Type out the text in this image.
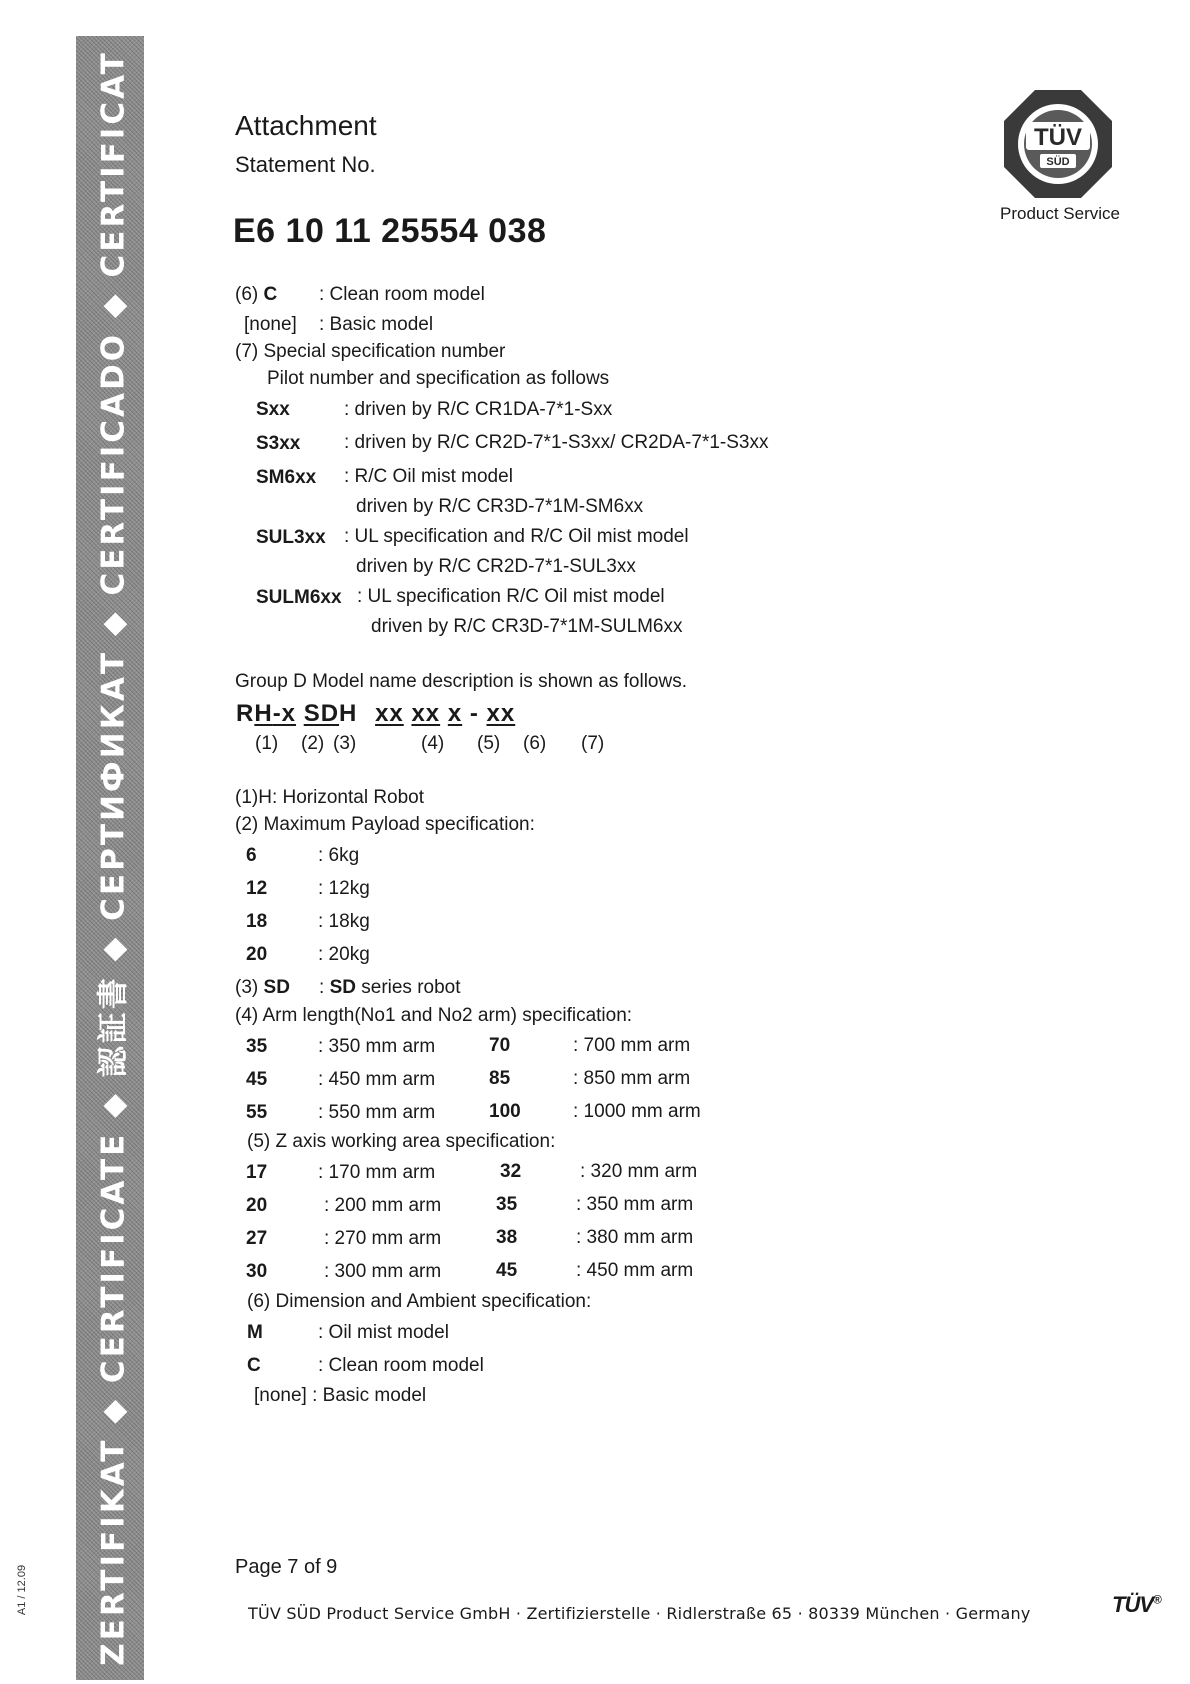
ZERTIFIKAT ◆ CERTIFICATE ◆ 認証書 ◆ СЕРТИФИКАТ ◆ CERTIFICADO ◆ CERTIFICAT
A1 / 12.09
Attachment
Statement No.
E6 10 11 25554 038
TÜV
SÜD
Product Service
(6) C : Clean room model
[none] : Basic model
(7) Special specification number
Pilot number and specification as follows
Sxx	: driven by R/C CR1DA-7*1-Sxx
S3xx : driven by R/C CR2D-7*1-S3xx/ CR2DA-7*1-S3xx
SM6xx : R/C Oil mist model
driven by R/C CR3D-7*1M-SM6xx
SUL3xx : UL specification and R/C Oil mist model
driven by R/C CR2D-7*1-SUL3xx
SULM6xx : UL specification R/C Oil mist model
driven by R/C CR3D-7*1M-SULM6xx
Group D Model name description is shown as follows.
RH-x SDH xx xx x - xx
(1) (2) (3)	(4) (5) (6) (7)
(1)H: Horizontal Robot
(2) Maximum Payload specification:
6	: 6kg
12	: 12kg
18	: 18kg
20	: 20kg
(3) SD : SD series robot
(4) Arm length(No1 and No2 arm) specification:
35	: 350 mm arm	70	: 700 mm arm
45	: 450 mm arm	85	: 850 mm arm
55	: 550 mm arm	100	: 1000 mm arm
(5) Z axis working area specification:
17	: 170 mm arm	32	: 320 mm arm
20	: 200 mm arm	35	: 350 mm arm
27	: 270 mm arm	38	: 380 mm arm
30	: 300 mm arm	45	: 450 mm arm
(6) Dimension and Ambient specification:
M	: Oil mist model
C	: Clean room model
[none] : Basic model
Page 7 of 9
TÜV SÜD Product Service GmbH · Zertifizierstelle · Ridlerstraße 65 · 80339 München · Germany	TÜV®
